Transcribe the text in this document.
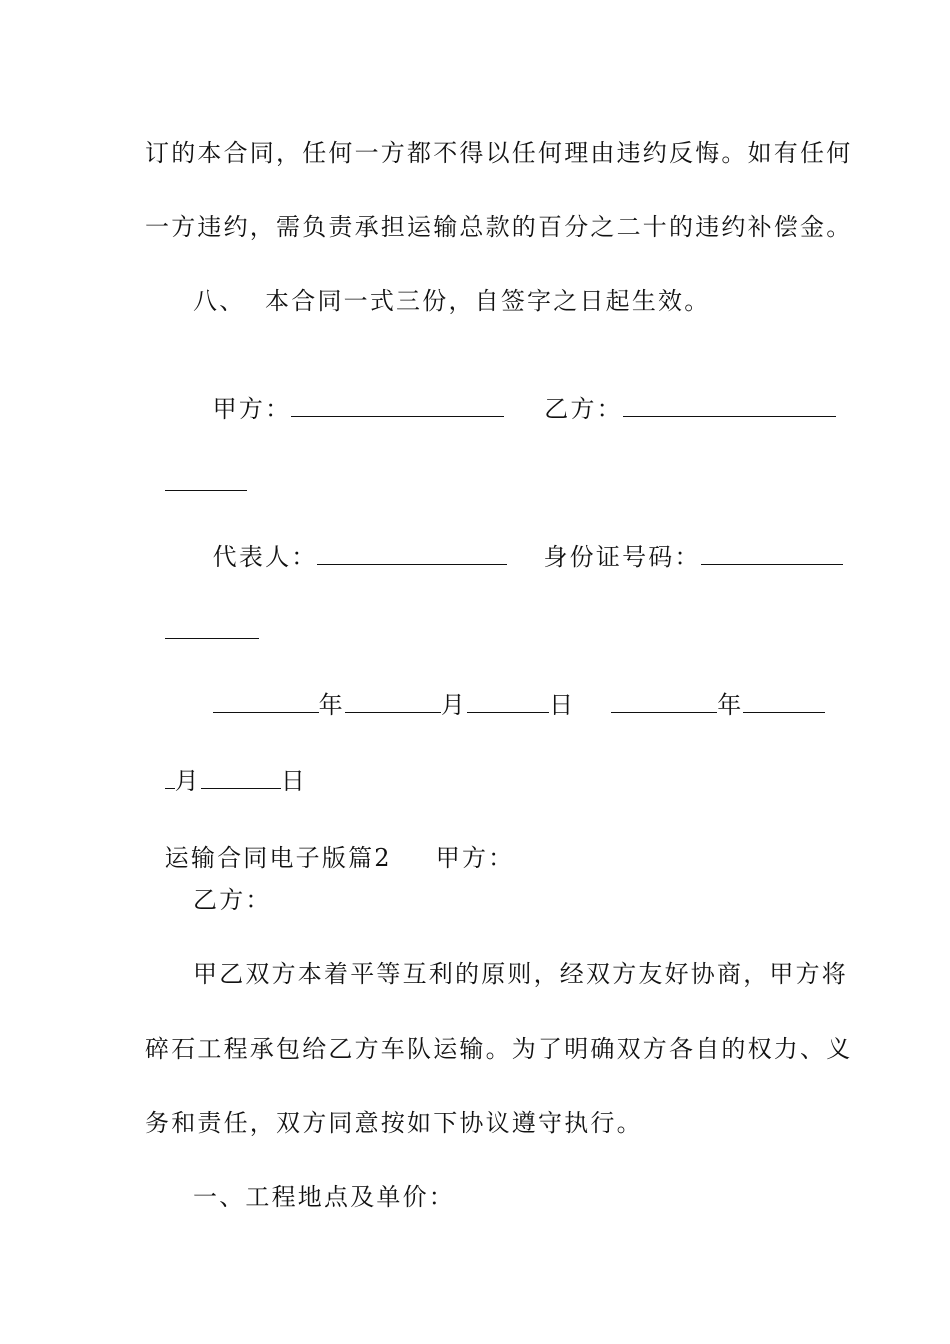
订的本合同，任何一方都不得以任何理由违约反悔。如有任何
一方违约，需负责承担运输总款的百分之二十的违约补偿金。
八、  本合同一式三份，自签字之日起生效。

甲方：	乙方：

代表人：	身份证号码：

年	月	日	年

月	日

运输合同电子版篇2 甲方：

乙方：
甲乙双方本着平等互利的原则，经双方友好协商，甲方将
碎石工程承包给乙方车队运输。为了明确双方各自的权力、义
务和责任，双方同意按如下协议遵守执行。
一、工程地点及单价：
